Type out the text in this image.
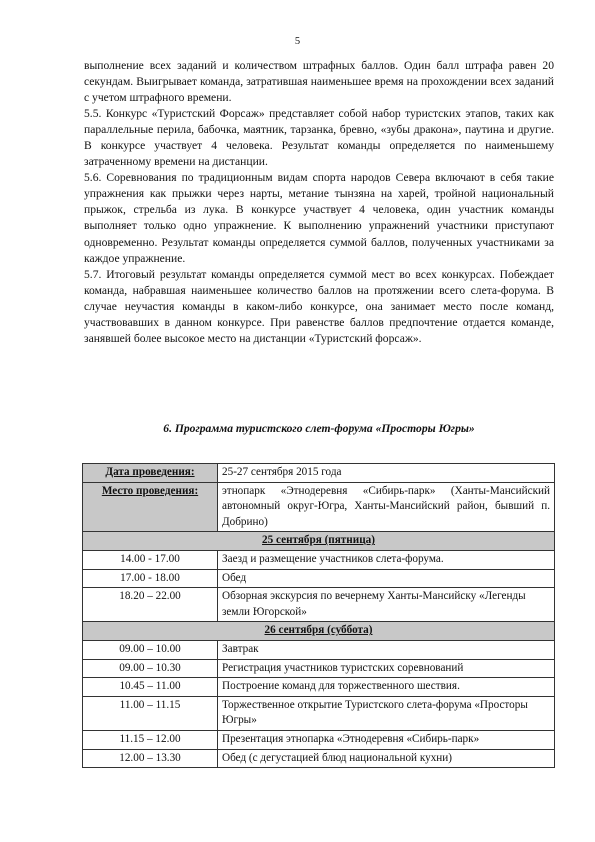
5

выполнение всех заданий и количеством штрафных баллов. Один балл штрафа равен 20 секундам. Выигрывает команда, затратившая наименьшее время на прохождении всех заданий с учетом штрафного времени.

5.5. Конкурс «Туристский Форсаж» представляет собой набор туристских этапов, таких как параллельные перила, бабочка, маятник, тарзанка, бревно, «зубы дракона», паутина и другие. В конкурсе участвует 4 человека. Результат команды определяется по наименьшему затраченному времени на дистанции.

5.6. Соревнования по традиционным видам спорта народов Севера включают в себя такие упражнения как прыжки через нарты, метание тынзяна на харей, тройной национальный прыжок, стрельба из лука. В конкурсе участвует 4 человека, один участник команды выполняет только одно упражнение. К выполнению упражнений участники приступают одновременно. Результат команды определяется суммой баллов, полученных участниками за каждое упражнение.

5.7. Итоговый результат команды определяется суммой мест во всех конкурсах. Побеждает команда, набравшая наименьшее количество баллов на протяжении всего слета-форума. В случае неучастия команды в каком-либо конкурсе, она занимает место после команд, участвовавших в данном конкурсе. При равенстве баллов предпочтение отдается команде, занявшей более высокое место на дистанции «Туристский форсаж».

6. Программа туристского слет-форума «Просторы Югры»
Дата проведения:	25-27 сентября 2015 года
Место проведения:	этнопарк «Этнодеревня «Сибирь-парк» (Ханты-Мансийский автономный округ-Югра, Ханты-Мансийский район, бывший п. Добрино)
25 сентября (пятница)	
14.00 - 17.00	Заезд и размещение участников слета-форума.
17.00 - 18.00	Обед
18.20 – 22.00	Обзорная экскурсия по вечернему Ханты-Мансийску «Легенды земли Югорской»
26 сентября (суббота)	
09.00 – 10.00	Завтрак
09.00 – 10.30	Регистрация участников туристских соревнований
10.45 – 11.00	Построение команд для торжественного шествия.
11.00 – 11.15	Торжественное открытие Туристского слета-форума «Просторы Югры»
11.15 – 12.00	Презентация этнопарка «Этнодеревня «Сибирь-парк»
12.00 – 13.30	Обед (с дегустацией блюд национальной кухни)
